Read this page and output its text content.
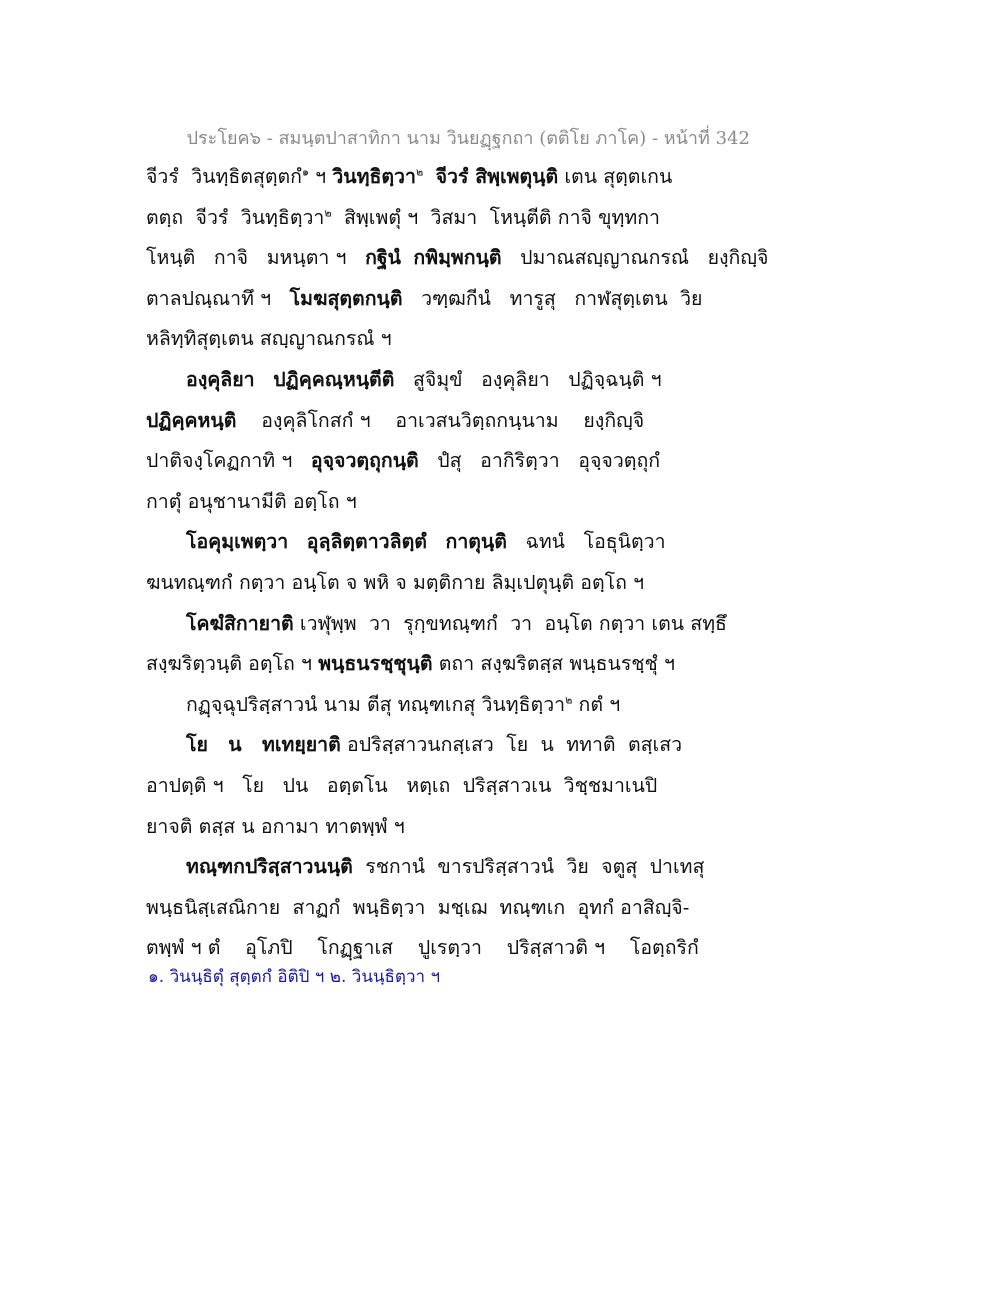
ประโยค๖ - สมนฺตปาสาทิกา นาม วินยฏฺฐกถา (ตติโย ภาโค) - หน้าที่ 342
จีวรํ  วินทฺธิตสุตฺตกํ$^๑$ ฯ วินทฺธิตฺวา$^๒$ จีวรํ สิพฺเพตุนฺติ เตน สุตฺตเกน
ตตฺถ  จีวรํ  วินทฺธิตฺวา$^๒$  สิพฺเพตุํ ฯ  วิสมา  โหนฺตีติ กาจิ ขุทฺทกา
โหนฺติ   กาจิ   มหนฺตา ฯ   กฐินํ กพิมฺพกนฺติ   ปมาณสญฺญาณกรณํ   ยงฺกิญฺจิ
ตาลปณฺณาทึ ฯ   โมฆสุตฺตกนฺติ   วฑฺฒกีนํ   ทารูสุ   กาฬสุตฺเตน  วิย
หลิทฺทิสุตฺเตน สญฺญาณกรณํ ฯ
องฺคุลิยา ปฏิคฺคณฺหนฺตีติ   สูจิมุขํ   องฺคุลิยา   ปฏิจฺฉนฺติ ฯ
ปฏิคฺคหนฺติ    องฺคุลิโกสกํ ฯ    อาเวสนวิตฺถกนฺนาม    ยงฺกิญฺจิ
ปาติจงฺโคฏกาทิ ฯ   อุจฺจวตฺถุกนฺติ   ปํสุ   อากิริตฺวา   อุจฺจวตฺถุกํ
กาตุํ อนุชานามีติ อตฺโถ ฯ
โอคุมฺเพตฺวา อุลฺลิตฺตาวลิตฺตํ กาตุนฺติ   ฉทนํ   โอธุนิตฺวา
ฆนทณฺฑกํ กตฺวา อนฺโต จ พหิ จ มตฺติกาย ลิมฺเปตุนฺติ อตฺโถ ฯ
โคฆํสิกายาติ เวฬุพฺพ  วา  รุกฺขทณฺฑกํ  วา  อนฺโต กตฺวา เตน สทฺธึ
สงฺฆริตฺวนฺติ อตฺโถ ฯ พนฺธนรชฺชุนฺติ ตถา สงฺฆริตสฺส พนฺธนรชฺชุํ ฯ
กฏฺจฺฉุปริสฺสาวนํ นาม ตีสุ ทณฺฑเกสุ วินทฺธิตฺวา$^๒$ กตํ ฯ
โย   น   ทเทยฺยาติ อปริสฺสาวนกสฺเสว  โย  น  ททาติ  ตสฺเสว
อาปตฺติ ฯ   โย   ปน   อตฺตโน   หตฺเถ  ปริสฺสาวเน  วิชฺชมาเนปิ
ยาจติ ตสฺส น อกามา ทาตพฺพํ ฯ
ทณฺฑกปริสฺสาวนนฺติ  รชกานํ  ขารปริสฺสาวนํ  วิย  จตูสุ  ปาเทสุ
พนฺธนิสฺเสณิกาย  สาฏกํ  พนฺธิตฺวา  มชฺเฌ  ทณฺฑเก  อุทกํ อาสิญฺจิ-
ตพฺพํ ฯ ตํ    อุโภปิ    โกฏฺฐาเส    ปูเรตฺวา    ปริสฺสาวติ ฯ    โอตฺถริกํ
๑. วินนฺธิตุํ สุตฺตกํ อิติปิ ฯ ๒. วินนฺธิตฺวา ฯ
